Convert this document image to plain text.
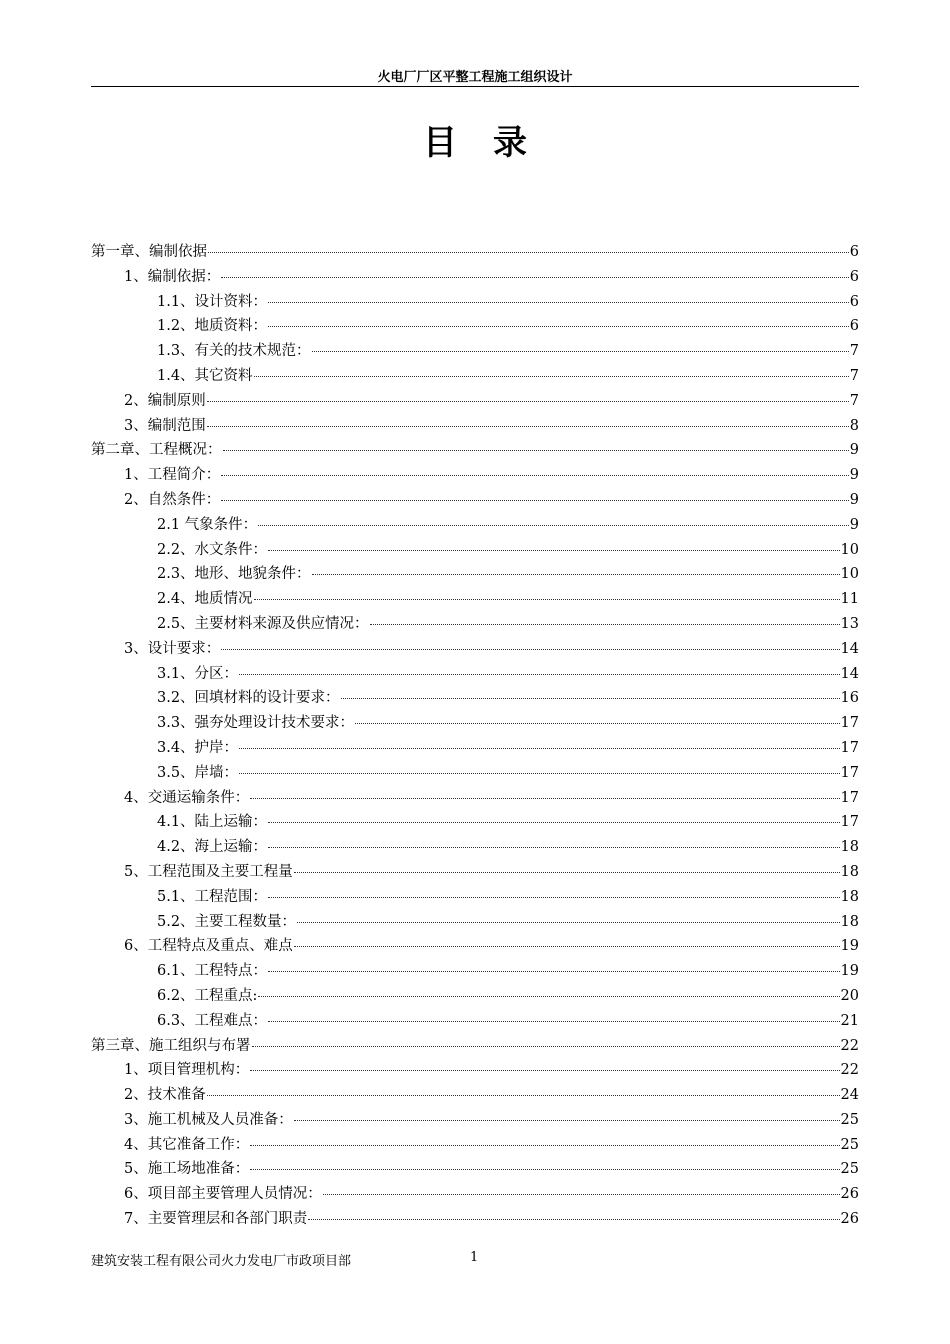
火电厂厂区平整工程施工组织设计
目录
第一章、编制依据	6
1、编制依据：	6
1.1、设计资料：	6
1.2、地质资料：	6
1.3、有关的技术规范：	7
1.4、其它资料	7
2、编制原则	7
3、编制范围	8
第二章、工程概况：	9
1、工程简介：	9
2、自然条件：	9
2.1 气象条件：	9
2.2、水文条件：	10
2.3、地形、地貌条件：	10
2.4、地质情况	11
2.5、主要材料来源及供应情况：	13
3、设计要求：	14
3.1、分区：	14
3.2、回填材料的设计要求：	16
3.3、强夯处理设计技术要求：	17
3.4、护岸：	17
3.5、岸墙：	17
4、交通运输条件：	17
4.1、陆上运输：	17
4.2、海上运输：	18
5、工程范围及主要工程量	18
5.1、工程范围：	18
5.2、主要工程数量：	18
6、工程特点及重点、难点	19
6.1、工程特点：	19
6.2、工程重点:	20
6.3、工程难点：	21
第三章、施工组织与布署	22
1、项目管理机构：	22
2、技术准备	24
3、施工机械及人员准备：	25
4、其它准备工作：	25
5、施工场地准备：	25
6、项目部主要管理人员情况：	26
7、主要管理层和各部门职责	26
建筑安装工程有限公司火力发电厂市政项目部	1
